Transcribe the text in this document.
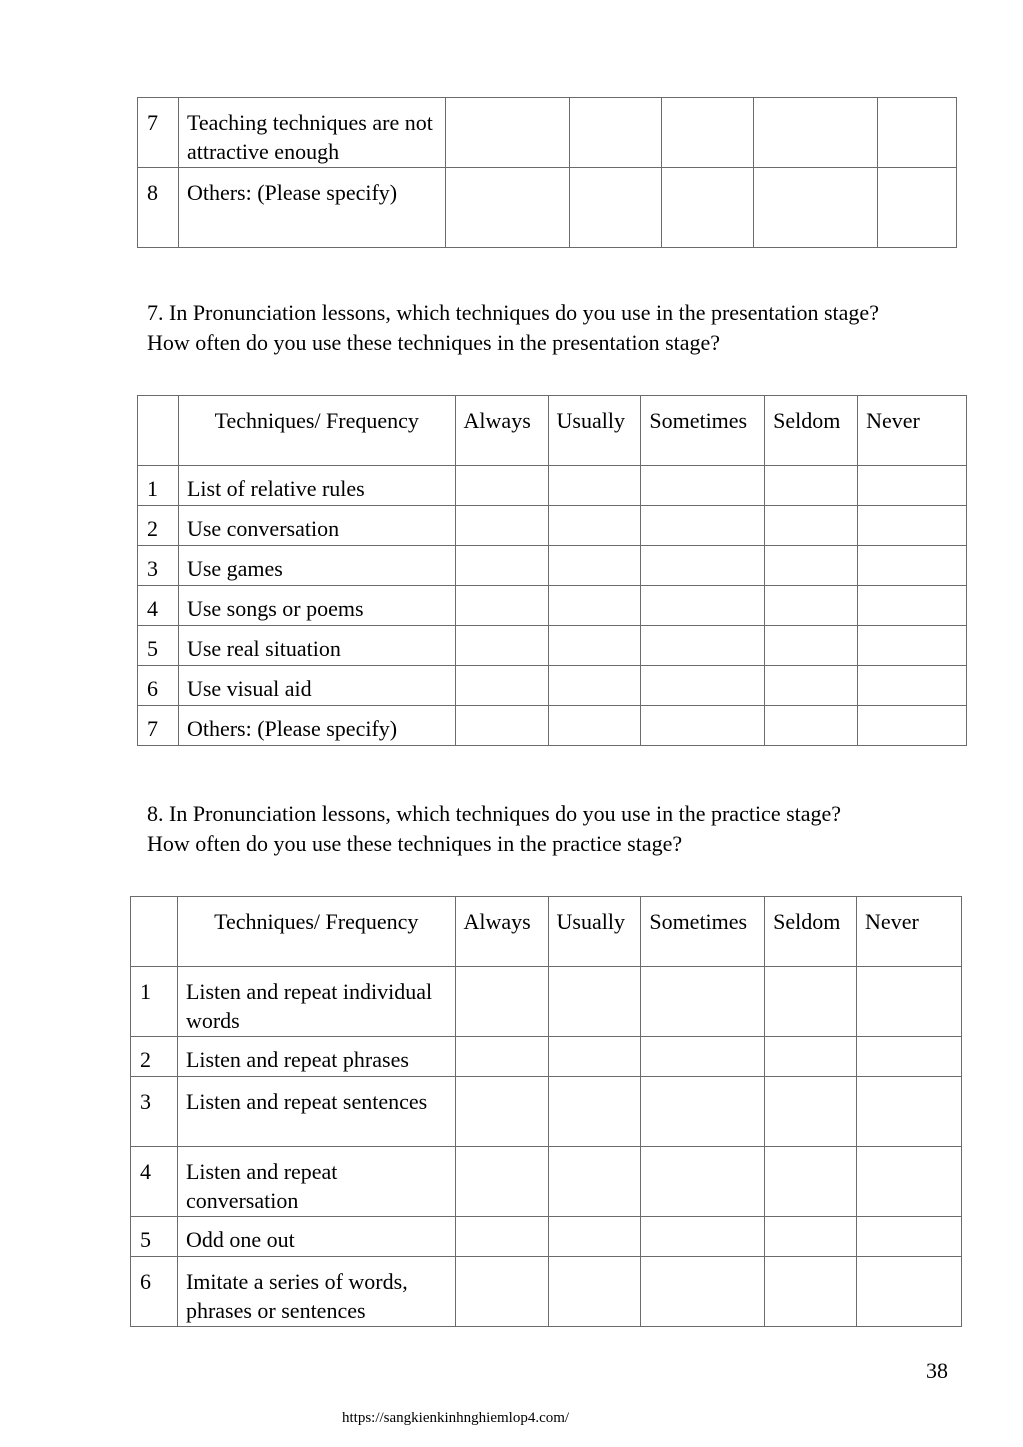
7	Teaching techniques are not attractive enough					
8	Others: (Please specify)					

7. In Pronunciation lessons, which techniques do you use in the presentation stage?

How often do you use these techniques in the presentation stage?

	Techniques/ Frequency	Always	Usually	Sometimes	Seldom	Never
1	List of relative rules					
2	Use conversation					
3	Use games					
4	Use songs or poems					
5	Use real situation					
6	Use visual aid					
7	Others: (Please specify)					

8. In Pronunciation lessons, which techniques do you use in the practice stage?

How often do you use these techniques in the practice stage?

	Techniques/ Frequency	Always	Usually	Sometimes	Seldom	Never
1	Listen and repeat individual words					
2	Listen and repeat phrases					
3	Listen and repeat sentences					
4	Listen and repeat conversation					
5	Odd one out					
6	Imitate a series of words, phrases or sentences					
38
https://sangkienkinhnghiemlop4.com/
